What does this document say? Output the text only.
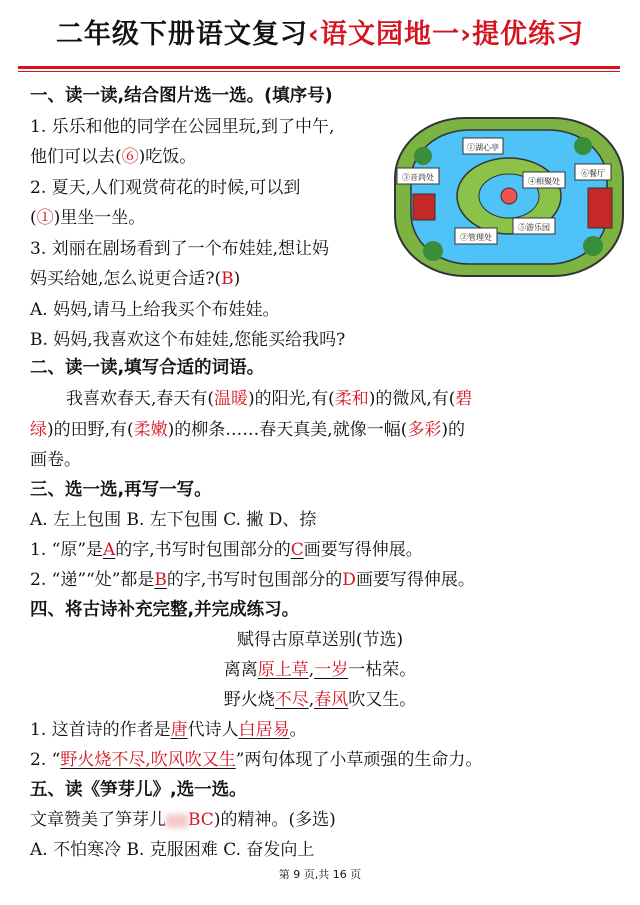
二年级下册语文复习‹语文园地一›提优练习
一、读一读,结合图片选一选。(填序号)
1. 乐乐和他的同学在公园里玩,到了中午,
他们可以去(⑥)吃饭。
2. 夏天,人们观赏荷花的时候,可以到
(①)里坐一坐。
3. 刘丽在剧场看到了一个布娃娃,想让妈
妈买给她,怎么说更合适?(B)
A. 妈妈,请马上给我买个布娃娃。
B. 妈妈,我喜欢这个布娃娃,您能买给我吗?
①湖心亭
③音尚处	④相聚处
⑥餐厅
②管理处
⑤游乐园
二、读一读,填写合适的词语。
我喜欢春天,春天有(温暖)的阳光,有(柔和)的微风,有(碧
绿)的田野,有(柔嫩)的柳条……春天真美,就像一幅(多彩)的
画卷。
三、选一选,再写一写。
A. 左上包围 B. 左下包围 C. 撇 D、捺
1. “原”是A的字,书写时包围部分的C画要写得伸展。
2. “递”“处”都是B的字,书写时包围部分的D画要写得伸展。
四、将古诗补充完整,并完成练习。
赋得古原草送别(节选)
离离原上草,一岁一枯荣。
野火烧不尽,春风吹又生。
1. 这首诗的作者是唐代诗人白居易。
2. “野火烧不尽,吹风吹又生”两句体现了小草顽强的生命力。
五、读《笋芽儿》,选一选。
文章赞美了笋芽儿 BC)的精神。(多选)
A. 不怕寒冷 B. 克服困难 C. 奋发向上
第 9 页,共 16 页
